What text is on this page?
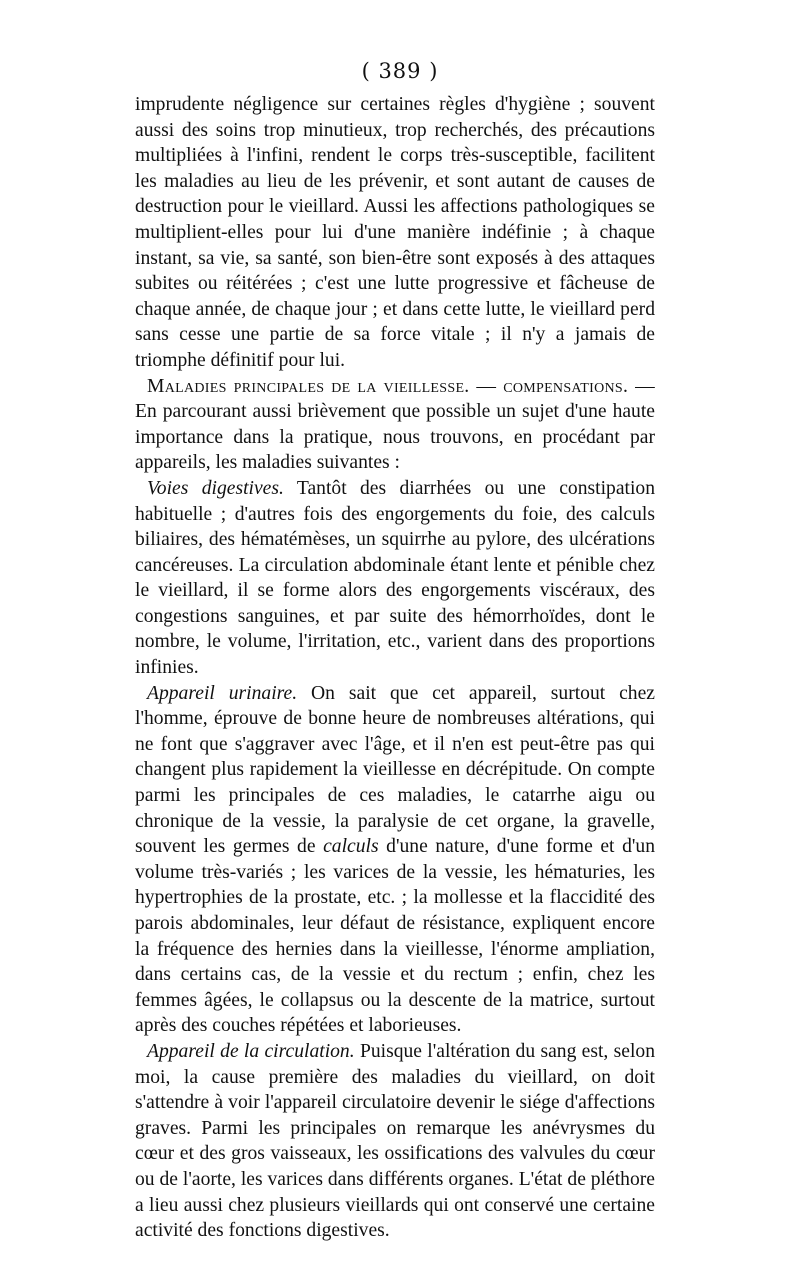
( 389 )

imprudente négligence sur certaines règles d'hygiène ; souvent aussi des soins trop minutieux, trop recherchés, des précautions multipliées à l'infini, rendent le corps très-susceptible, facilitent les maladies au lieu de les prévenir, et sont autant de causes de destruction pour le vieillard. Aussi les affections pathologiques se multiplient-elles pour lui d'une manière indéfinie ; à chaque instant, sa vie, sa santé, son bien-être sont exposés à des attaques subites ou réitérées ; c'est une lutte progressive et fâcheuse de chaque année, de chaque jour ; et dans cette lutte, le vieillard perd sans cesse une partie de sa force vitale ; il n'y a jamais de triomphe définitif pour lui.

Maladies principales de la vieillesse. — compensations. — En parcourant aussi brièvement que possible un sujet d'une haute importance dans la pratique, nous trouvons, en procédant par appareils, les maladies suivantes :

Voies digestives. Tantôt des diarrhées ou une constipation habituelle ; d'autres fois des engorgements du foie, des calculs biliaires, des hématémèses, un squirrhe au pylore, des ulcérations cancéreuses. La circulation abdominale étant lente et pénible chez le vieillard, il se forme alors des engorgements viscéraux, des congestions sanguines, et par suite des hémorrhoïdes, dont le nombre, le volume, l'irritation, etc., varient dans des proportions infinies.

Appareil urinaire. On sait que cet appareil, surtout chez l'homme, éprouve de bonne heure de nombreuses altérations, qui ne font que s'aggraver avec l'âge, et il n'en est peut-être pas qui changent plus rapidement la vieillesse en décrépitude. On compte parmi les principales de ces maladies, le catarrhe aigu ou chronique de la vessie, la paralysie de cet organe, la gravelle, souvent les germes de calculs d'une nature, d'une forme et d'un volume très-variés ; les varices de la vessie, les hématuries, les hypertrophies de la prostate, etc. ; la mollesse et la flaccidité des parois abdominales, leur défaut de résistance, expliquent encore la fréquence des hernies dans la vieillesse, l'énorme ampliation, dans certains cas, de la vessie et du rectum ; enfin, chez les femmes âgées, le collapsus ou la descente de la matrice, surtout après des couches répétées et laborieuses.

Appareil de la circulation. Puisque l'altération du sang est, selon moi, la cause première des maladies du vieillard, on doit s'attendre à voir l'appareil circulatoire devenir le siége d'affections graves. Parmi les principales on remarque les anévrysmes du cœur et des gros vaisseaux, les ossifications des valvules du cœur ou de l'aorte, les varices dans différents organes. L'état de pléthore a lieu aussi chez plusieurs vieillards qui ont conservé une certaine activité des fonctions digestives.
